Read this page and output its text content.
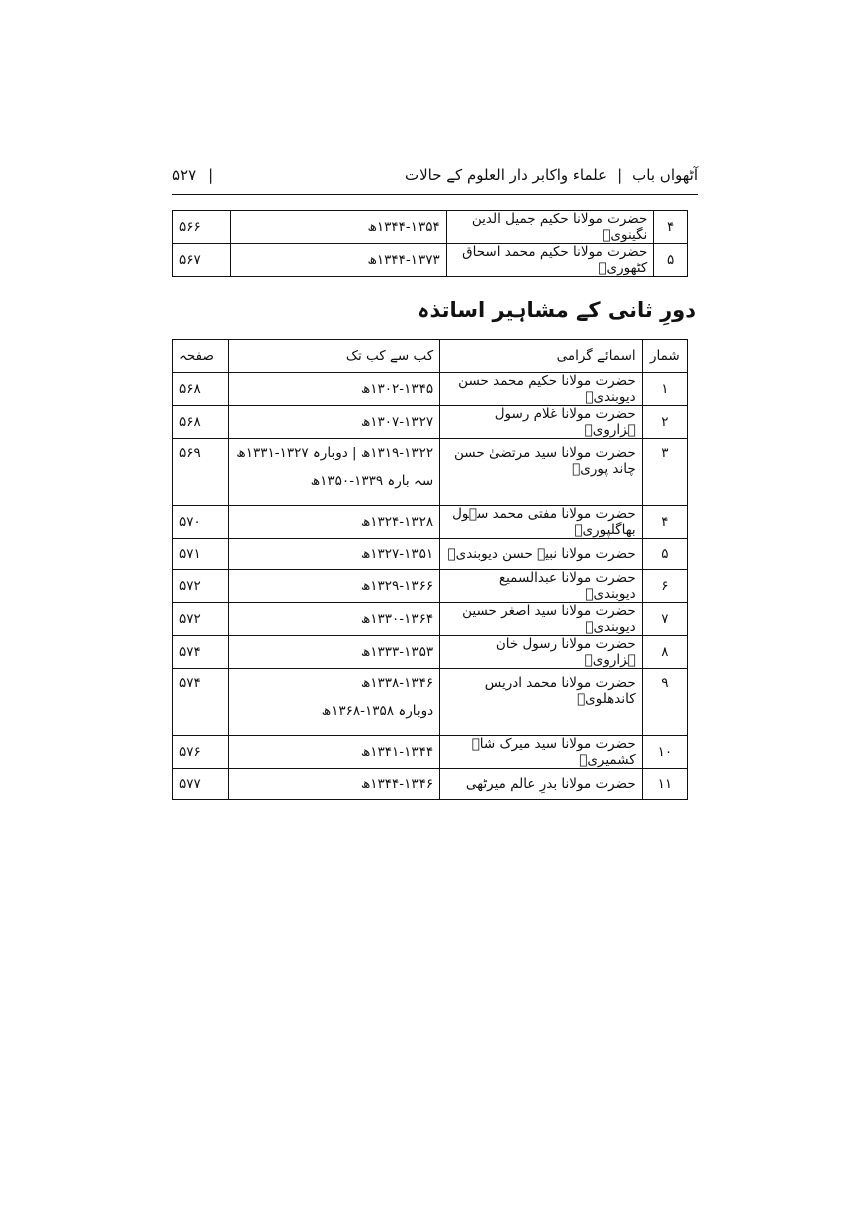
آٹھواں باب
|
علماء واکابر دار العلوم کے حالات
|
۵۲۷
۴	حضرت مولانا حکیم جمیل الدین نگینویؒ	۱۳۴۴-۱۳۵۴ھ	۵۶۶
۵	حضرت مولانا حکیم محمد اسحاق کٹھوریؒ	۱۳۴۴-۱۳۷۳ھ	۵۶۷
دورِ ثانی کے مشاہیر اساتذہ
شمار	اسمائے گرامی	کب سے کب تک	صفحہ
۱	حضرت مولانا حکیم محمد حسن دیوبندیؒ	۱۳۰۲-۱۳۴۵ھ	۵۶۸
۲	حضرت مولانا غلام رسول ہزارویؒ	۱۳۰۷-۱۳۲۷ھ	۵۶۸
۳	حضرت مولانا سید مرتضیٰ حسن چاند پوریؒ	۱۳۱۹-۱۳۲۲ھ | دوبارہ ۱۳۲۷-۱۳۳۱ھ
سہ بارہ ۱۳۳۹-۱۳۵۰ھ	۵۶۹
۴	حضرت مولانا مفتی محمد سہول بھاگلپوریؒ	۱۳۲۴-۱۳۲۸ھ	۵۷۰
۵	حضرت مولانا نبیہ حسن دیوبندیؒ	۱۳۲۷-۱۳۵۱ھ	۵۷۱
۶	حضرت مولانا عبدالسمیع دیوبندیؒ	۱۳۲۹-۱۳۶۶ھ	۵۷۲
۷	حضرت مولانا سید اصغر حسین دیوبندیؒ	۱۳۳۰-۱۳۶۴ھ	۵۷۲
۸	حضرت مولانا رسول خان ہزارویؒ	۱۳۳۳-۱۳۵۳ھ	۵۷۴
۹	حضرت مولانا محمد ادریس کاندھلویؒ	۱۳۳۸-۱۳۴۶ھ
دوبارہ ۱۳۵۸-۱۳۶۸ھ	۵۷۴
۱۰	حضرت مولانا سید میرک شاہ کشمیریؒ	۱۳۴۱-۱۳۴۴ھ	۵۷۶
۱۱	حضرت مولانا بدرِ عالم میرٹھی	۱۳۴۴-۱۳۴۶ھ	۵۷۷
